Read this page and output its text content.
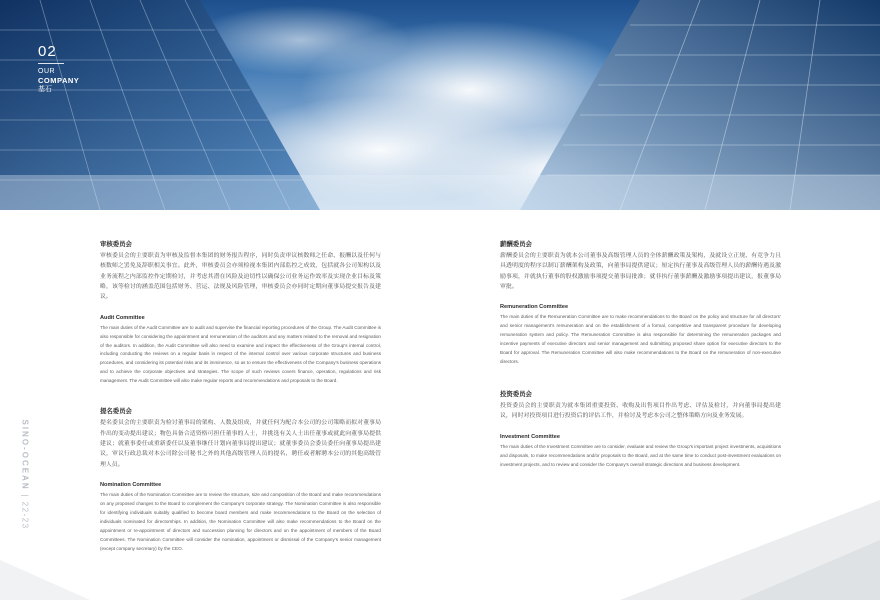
02
OUR
COMPANY
基石
SINO-OCEAN | 22-23
审核委员会
审核委员会的主要职责为审核及监督本集团的财务报告程序，同时负责审议核数师之任命、报酬以及任何与核数师之罢免及辞职相关事宜。此外，审核委员会亦须检视本集团内部监控之成效，包括就各公司架构以及业务流程之内部监控作定期检讨，并考虑其潜在风险及迫切性以确保公司业务运作效率及实现企业目标及策略，该等检讨的涵盖范围包括财务、营运、法规及风险管理，审核委员会亦同时定期向董事局提交报告及建议。
Audit Committee
The main duties of the Audit Committee are to audit and supervise the financial reporting procedures of the Group. The Audit Committee is also responsible for considering the appointment and remuneration of the auditors and any matters related to the removal and resignation of the auditors. In addition, the Audit Committee will also need to examine and inspect the effectiveness of the Group's internal control, including conducting the reviews on a regular basis in respect of the internal control over various corporate structures and business procedures, and considering its potential risks and its imminence, so as to ensure the effectiveness of the Company's business operations and to achieve the corporate objectives and strategies. The scope of such reviews covers finance, operation, regulations and risk management. The Audit Committee will also make regular reports and recommendations and proposals to the Board.
提名委员会
提名委员会的主要职责为检讨董事局的架构、人数及组成，并就任何为配合本公司的公司策略而拟对董事局作出的变动提出建议；物色具备合适资格可担任董事的人士，并挑选有关人士出任董事或就此向董事局提供建议；就董事委任或重新委任以及董事继任计划向董事局提出建议；就董事委员会委员委任向董事局提出建议，审议行政总裁对本公司除公司秘书之外的其他高级管理人员的提名，聘任或者解聘本公司的其他高级管理人员。
Nomination Committee
The main duties of the Nomination Committee are to review the structure, size and composition of the Board and make recommendations on any proposed changes to the Board to complement the Company’s corporate strategy. The Nomination Committee is also responsible for identifying individuals suitably qualified to become board members and make recommendations to the Board on the selection of individuals nominated for directorships. In addition, the Nomination Committee will also make recommendations to the Board on the appointment or re-appointment of directors and succession planning for directors and on the appointment of members of the Board Committees. The Nomination Committee will consider the nomination, appointment or dismissal of the Company’s senior management (except company secretary) by the CEO.
薪酬委员会
薪酬委员会的主要职责为就本公司董事及高级管理人员的全体薪酬政策及架构，及就设立正规、有竞争力且具透明度的程序以制订薪酬架构及政策，向董事局提供建议；厘定执行董事及高级管理人员的薪酬待遇及激励事项，并就执行董事的股权激励事项提交董事局批准；就非执行董事薪酬及激励事项提出建议，报董事局审批。
Remuneration Committee
The main duties of the Remuneration Committee are to make recommendations to the Board on the policy and structure for all directors’ and senior management’s remuneration and on the establishment of a formal, competitive and transparent procedure for developing remuneration system and policy. The Remuneration Committee is also responsible for determining the remuneration packages and incentive payments of executive directors and senior management and submitting proposed share option for executive directors to the Board for approval. The Remuneration Committee will also make recommendations to the Board on the remuneration of non-executive directors.
投资委员会
投资委员会的主要职责为就本集团重要投资、收购及出售项目作出考虑、评估及检讨，并向董事局提出建议，同时对投资项目进行投资后的评估工作，并检讨及考虑本公司之整体策略方向及业务发展。
Investment Committee
The main duties of the Investment Committee are to consider, evaluate and review the Group's important project investments, acquisitions and disposals, to make recommendations and/or proposals to the Board, and at the same time to conduct post-investment evaluations on investment projects, and to review and consider the Company's overall strategic directions and business development.
